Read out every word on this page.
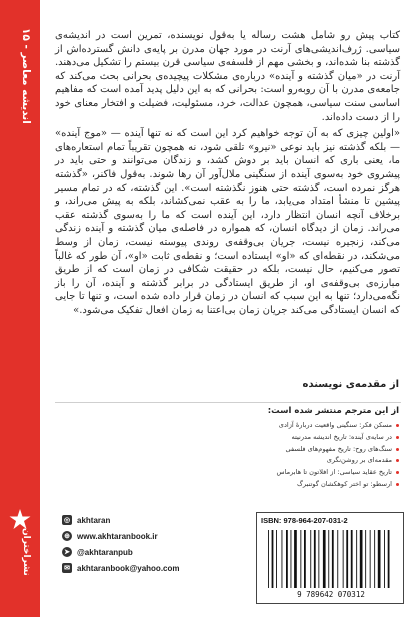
اندیشه معاصر - ۱۵
نشراختران

کتاب پیش رو شامل هشت رساله یا به‌قول نویسنده، تمرین است در اندیشه‌ی سیاسی. ژرف‌اندیشی‌های آرنت در مورد جهان مدرن بر پایه‌ی دانش گسترده‌اش از گذشته بنا شده‌اند، و بخشی مهم از فلسفه‌ی سیاسی قرن بیستم را تشکیل می‌دهند. آرنت در «میان گذشته و آینده» درباره‌ی مشکلات پیچیده‌ی بحرانی بحث می‌کند که جامعه‌ی مدرن با آن روبه‌رو است: بحرانی که به این دلیل پدید آمده است که مفاهیم اساسی سنت سیاسی، همچون عدالت، خرد، مسئولیت، فضیلت و افتخار معنای خود را از دست داده‌اند.

«اولین چیزی که به آن توجه خواهیم کرد این است که نه تنها آینده — «موج آینده» — بلکه گذشته نیز باید نوعی «نیرو» تلقی شود، نه همچون تقریباً تمام استعاره‌ها‌ی ما، یعنی باری که انسان باید بر دوش کشد، و زندگان می‌توانند و حتی باید در پیشروی خود به‌سوی آینده از سنگینی ملال‌آور آن رها شوند. به‌قول فاکنر، «گذشته هرگز نمرده است، گذشته حتی هنوز نگذشته است». این گذشته، که در تمام مسیر پیشین تا منشأ امتداد می‌یابد، ما را به عقب نمی‌کشاند، بلکه به پیش می‌راند، و برخلاف آنچه انسان انتظار دارد، این آینده است که ما را به‌سوی گذشته عقب می‌راند. زمان از دیدگاه انسان، که همواره در فاصله‌ی میان گذشته و آینده زندگی می‌کند، زنجیره نیست، جریان بی‌وقفه‌ی روندی پیوسته نیست، زمان از وسط می‌شکند، در نقطه‌ای که «او» ایستاده است؛ و نقطه‌ی ثابت «او»، آن طور که غالباً تصور می‌کنیم، حال نیست، بلکه در حقیقت شکافی در زمان است که از طریق مبارزه‌ی بی‌وقفه‌ی او، از طریق ایستادگی در برابر گذشته و آینده، آن را باز نگه‌می‌دارد؛ تنها به این سبب که انسان در زمان قرار داده شده است، و تنها تا جایی که انسان ایستادگی می‌کند جریان زمان بی‌اعتنا به زمان افعال تفکیک می‌شود.»

از مقدمه‌ی نویسنده
از این مترجم منتشر شده است:
مسکن فکر: سنگینی واقعیت دربارۀ آزادی
در سایه‌ی آینده: تاریخ اندیشه مدرنیته
سنگ‌های روح: تاریخ مفهوم‌های فلسفی
مقدمه‌ای بر روشن‌نگری
تاریخ عقاید سیاسی: از افلاتون تا هابرماس
ارسطو: تو اختر کوهکشان گوتنبرگ
◎ akhtaran
⊕ www.akhtaranbook.ir
➤ @akhtaranpub
✉ akhtaranbook@yahoo.com
ISBN: 978-964-207-031-2
9 789642 070312
